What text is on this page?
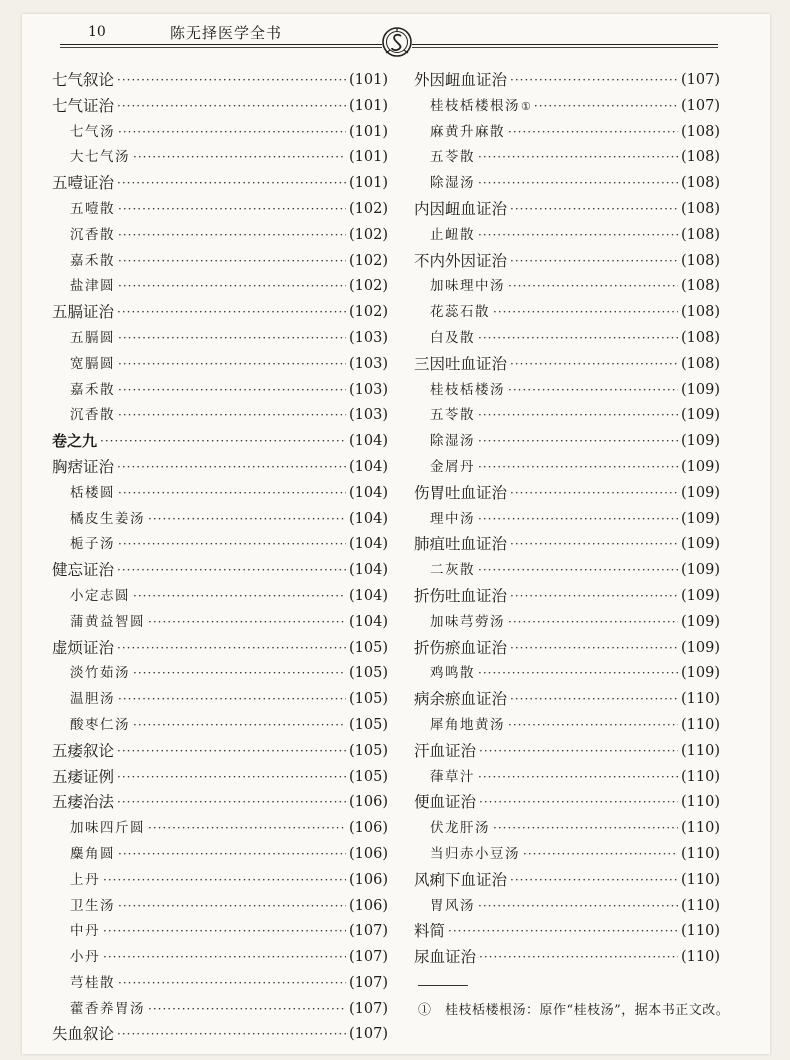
10	陈无择医学全书
七气叙论 ·····	(101)
七气证治 ·····	(101)
七气汤 ·····	(101)
大七气汤 ·····	(101)
五噎证治 ·····	(101)
五噎散 ·····	(102)
沉香散 ·····	(102)
嘉禾散 ·····	(102)
盐津圆 ·····	(102)
五膈证治 ·····	(102)
五膈圆 ·····	(103)
宽膈圆 ·····	(103)
嘉禾散 ·····	(103)
沉香散 ·····	(103)
卷之九 ·····	(104)
胸痞证治 ·····	(104)
栝楼圆 ·····	(104)
橘皮生姜汤 ·····	(104)
栀子汤 ·····	(104)
健忘证治 ·····	(104)
小定志圆 ·····	(104)
蒲黄益智圆 ·····	(104)
虚烦证治 ·····	(105)
淡竹茹汤 ·····	(105)
温胆汤 ·····	(105)
酸枣仁汤 ·····	(105)
五痿叙论 ·····	(105)
五痿证例 ·····	(105)
五痿治法 ·····	(106)
加味四斤圆 ·····	(106)
麋角圆 ·····	(106)
上丹 ·····	(106)
卫生汤 ·····	(106)
中丹 ·····	(107)
小丹 ·····	(107)
芎桂散 ·····	(107)
藿香养胃汤 ·····	(107)
失血叙论 ·····	(107)
外因衄血证治 ·····	(107)
桂枝栝楼根汤 ① ·····	(107)
麻黄升麻散 ·····	(108)
五苓散 ·····	(108)
除湿汤 ·····	(108)
内因衄血证治 ·····	(108)
止衄散 ·····	(108)
不内外因证治 ·····	(108)
加味理中汤 ·····	(108)
花蕊石散 ·····	(108)
白及散 ·····	(108)
三因吐血证治 ·····	(108)
桂枝栝楼汤 ·····	(109)
五苓散 ·····	(109)
除湿汤 ·····	(109)
金屑丹 ·····	(109)
伤胃吐血证治 ·····	(109)
理中汤 ·····	(109)
肺疽吐血证治 ·····	(109)
二灰散 ·····	(109)
折伤吐血证治 ·····	(109)
加味芎䓖汤 ·····	(109)
折伤瘀血证治 ·····	(109)
鸡鸣散 ·····	(109)
病余瘀血证治 ·····	(110)
犀角地黄汤 ·····	(110)
汗血证治 ·····	(110)
葎草汁 ·····	(110)
便血证治 ·····	(110)
伏龙肝汤 ·····	(110)
当归赤小豆汤 ·····	(110)
风痢下血证治 ·····	(110)
胃风汤 ·····	(110)
料简 ·····	(110)
尿血证治 ·····	(110)
①　桂枝栝楼根汤：原作“桂枝汤”，据本书正文改。
